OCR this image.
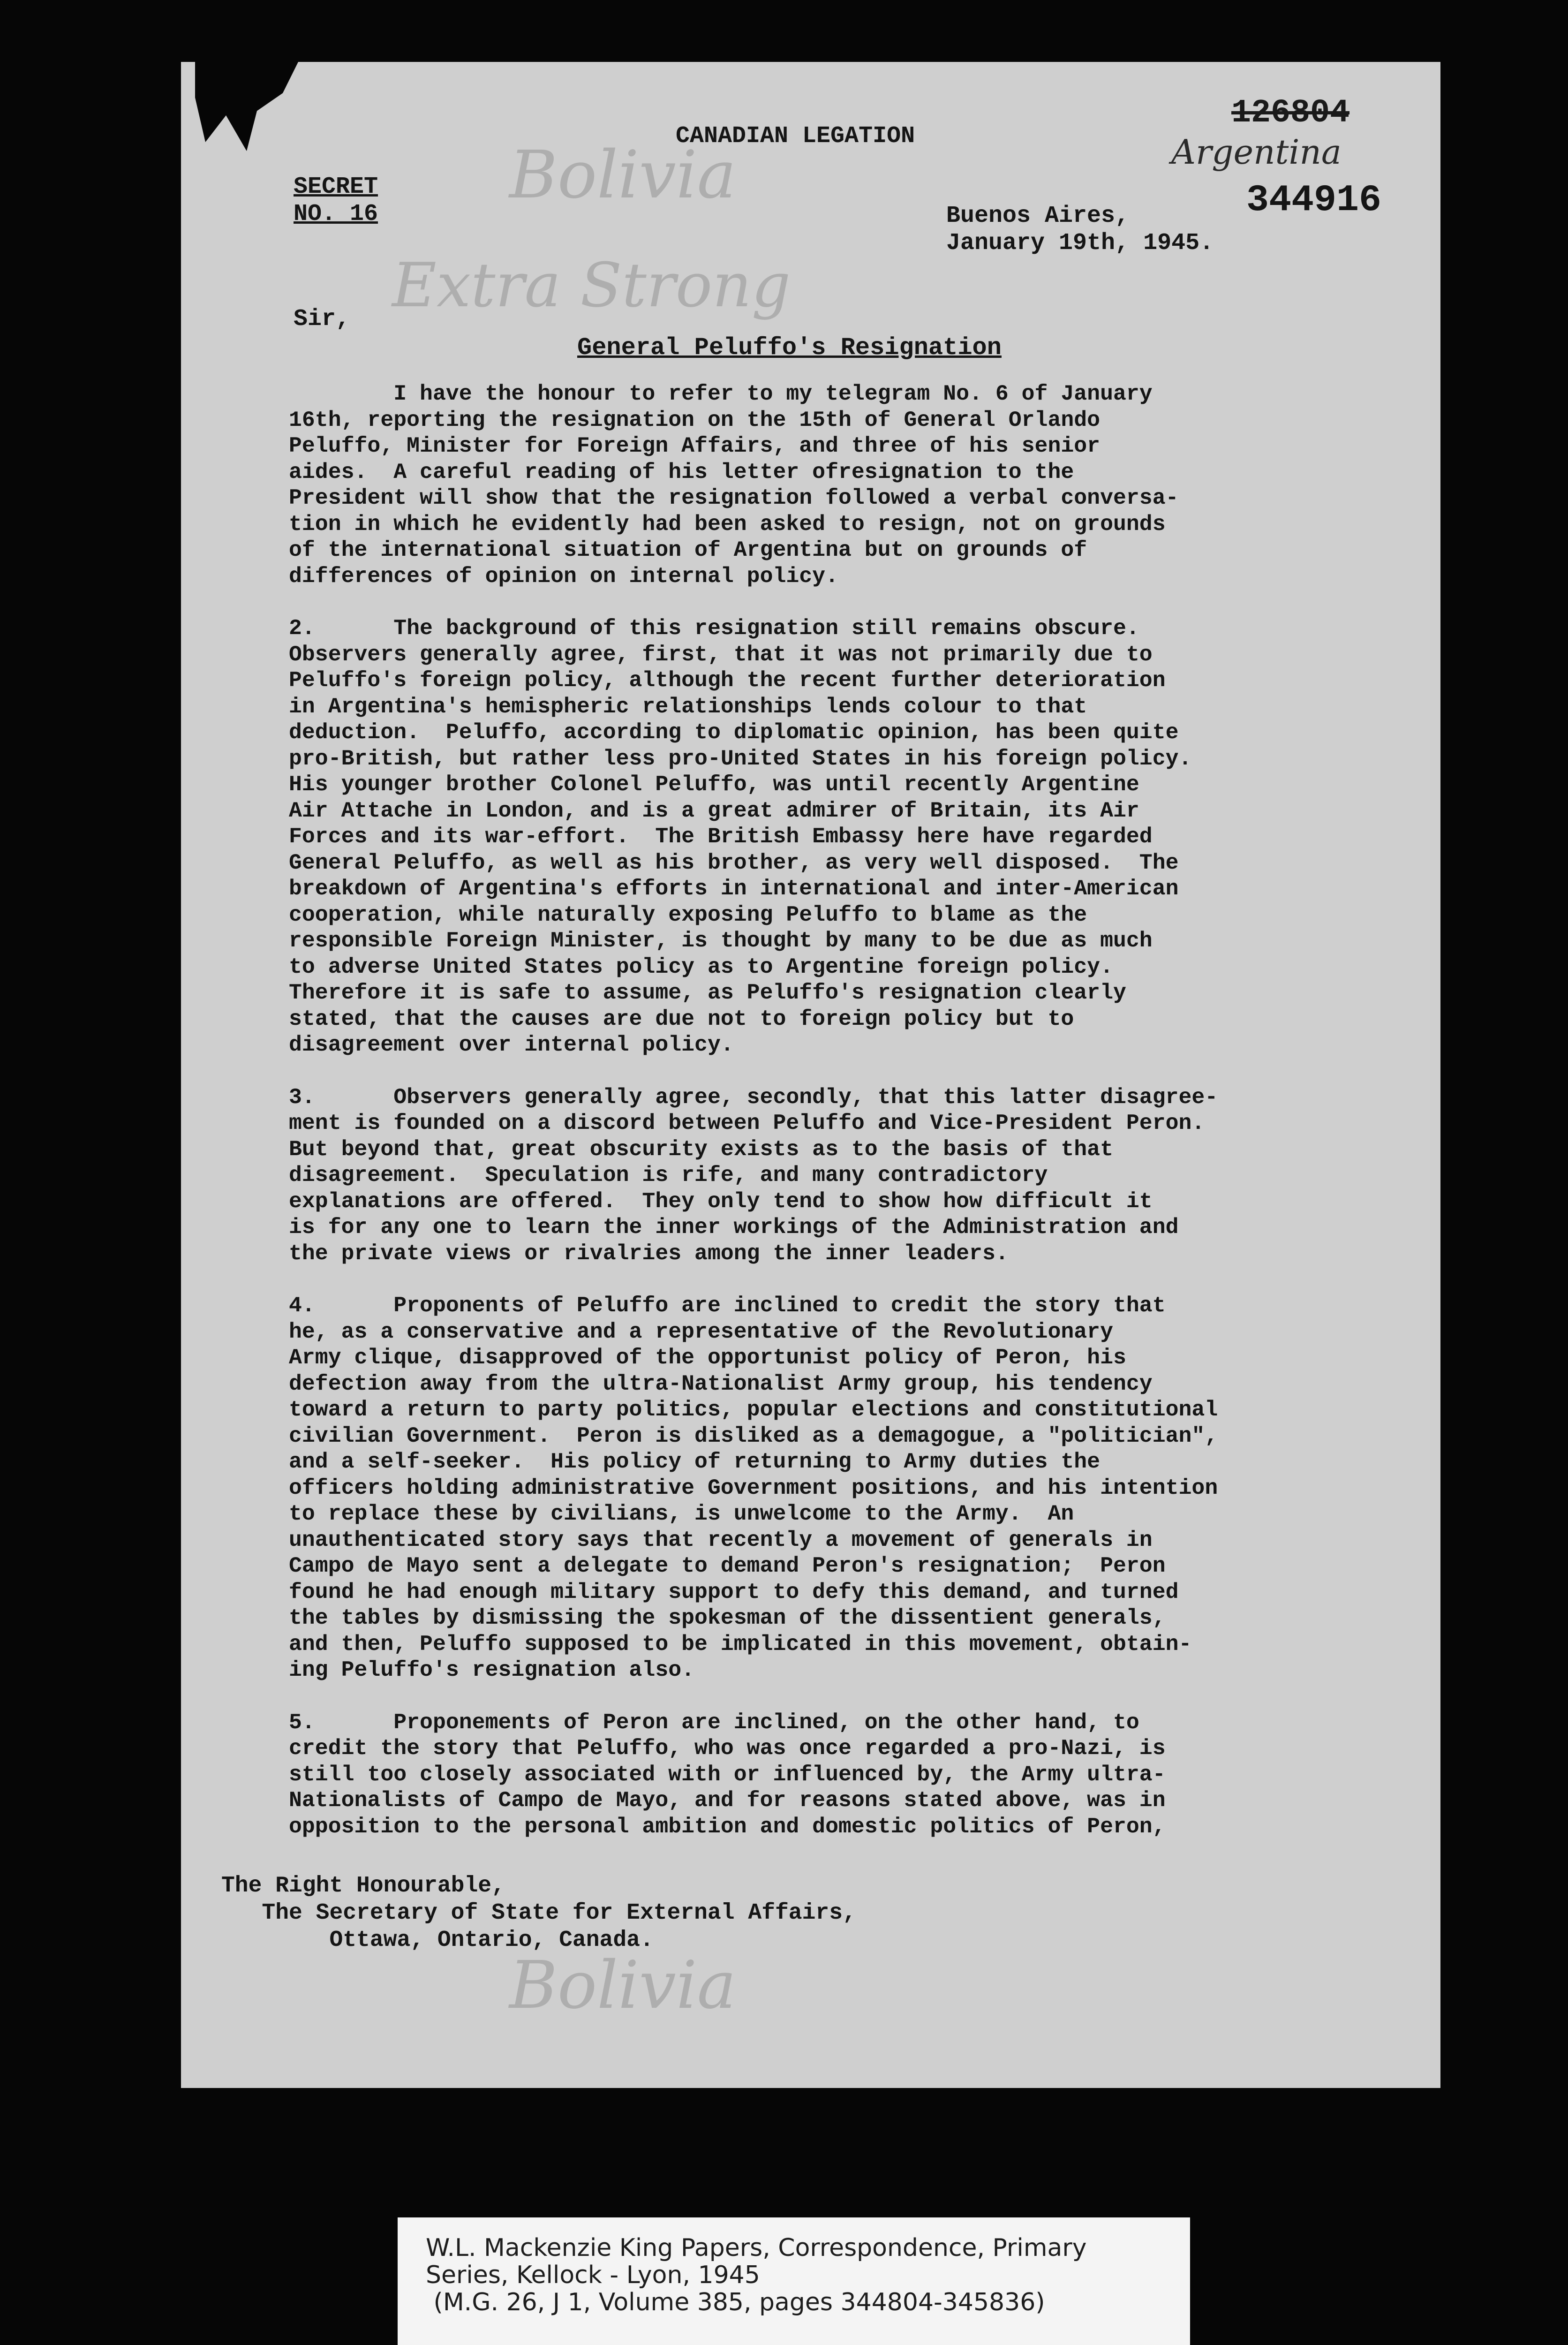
Bolivia
Extra Strong
Bolivia
CANADIAN LEGATION
SECRET
NO. 16
126804
Argentina
344916
Buenos Aires,
January 19th, 1945.
Sir,
General Peluffo's Resignation
I have the honour to refer to my telegram No. 6 of January
16th, reporting the resignation on the 15th of General Orlando
Peluffo, Minister for Foreign Affairs, and three of his senior
aides.  A careful reading of his letter ofresignation to the
President will show that the resignation followed a verbal conversa-
tion in which he evidently had been asked to resign, not on grounds
of the international situation of Argentina but on grounds of
differences of opinion on internal policy.
2.      The background of this resignation still remains obscure.
Observers generally agree, first, that it was not primarily due to
Peluffo's foreign policy, although the recent further deterioration
in Argentina's hemispheric relationships lends colour to that
deduction.  Peluffo, according to diplomatic opinion, has been quite
pro-British, but rather less pro-United States in his foreign policy.
His younger brother Colonel Peluffo, was until recently Argentine
Air Attache in London, and is a great admirer of Britain, its Air
Forces and its war-effort.  The British Embassy here have regarded
General Peluffo, as well as his brother, as very well disposed.  The
breakdown of Argentina's efforts in international and inter-American
cooperation, while naturally exposing Peluffo to blame as the
responsible Foreign Minister, is thought by many to be due as much
to adverse United States policy as to Argentine foreign policy.
Therefore it is safe to assume, as Peluffo's resignation clearly
stated, that the causes are due not to foreign policy but to
disagreement over internal policy.
3.      Observers generally agree, secondly, that this latter disagree-
ment is founded on a discord between Peluffo and Vice-President Peron.
But beyond that, great obscurity exists as to the basis of that
disagreement.  Speculation is rife, and many contradictory
explanations are offered.  They only tend to show how difficult it
is for any one to learn the inner workings of the Administration and
the private views or rivalries among the inner leaders.
4.      Proponents of Peluffo are inclined to credit the story that
he, as a conservative and a representative of the Revolutionary
Army clique, disapproved of the opportunist policy of Peron, his
defection away from the ultra-Nationalist Army group, his tendency
toward a return to party politics, popular elections and constitutional
civilian Government.  Peron is disliked as a demagogue, a "politician",
and a self-seeker.  His policy of returning to Army duties the
officers holding administrative Government positions, and his intention
to replace these by civilians, is unwelcome to the Army.  An
unauthenticated story says that recently a movement of generals in
Campo de Mayo sent a delegate to demand Peron's resignation;  Peron
found he had enough military support to defy this demand, and turned
the tables by dismissing the spokesman of the dissentient generals,
and then, Peluffo supposed to be implicated in this movement, obtain-
ing Peluffo's resignation also.
5.      Proponements of Peron are inclined, on the other hand, to
credit the story that Peluffo, who was once regarded a pro-Nazi, is
still too closely associated with or influenced by, the Army ultra-
Nationalists of Campo de Mayo, and for reasons stated above, was in
opposition to the personal ambition and domestic politics of Peron,
The Right Honourable,
The Secretary of State for External Affairs,
Ottawa, Ontario, Canada.
W.L. Mackenzie King Papers, Correspondence, Primary
Series, Kellock - Lyon, 1945
(M.G. 26, J 1, Volume 385, pages 344804-345836)
